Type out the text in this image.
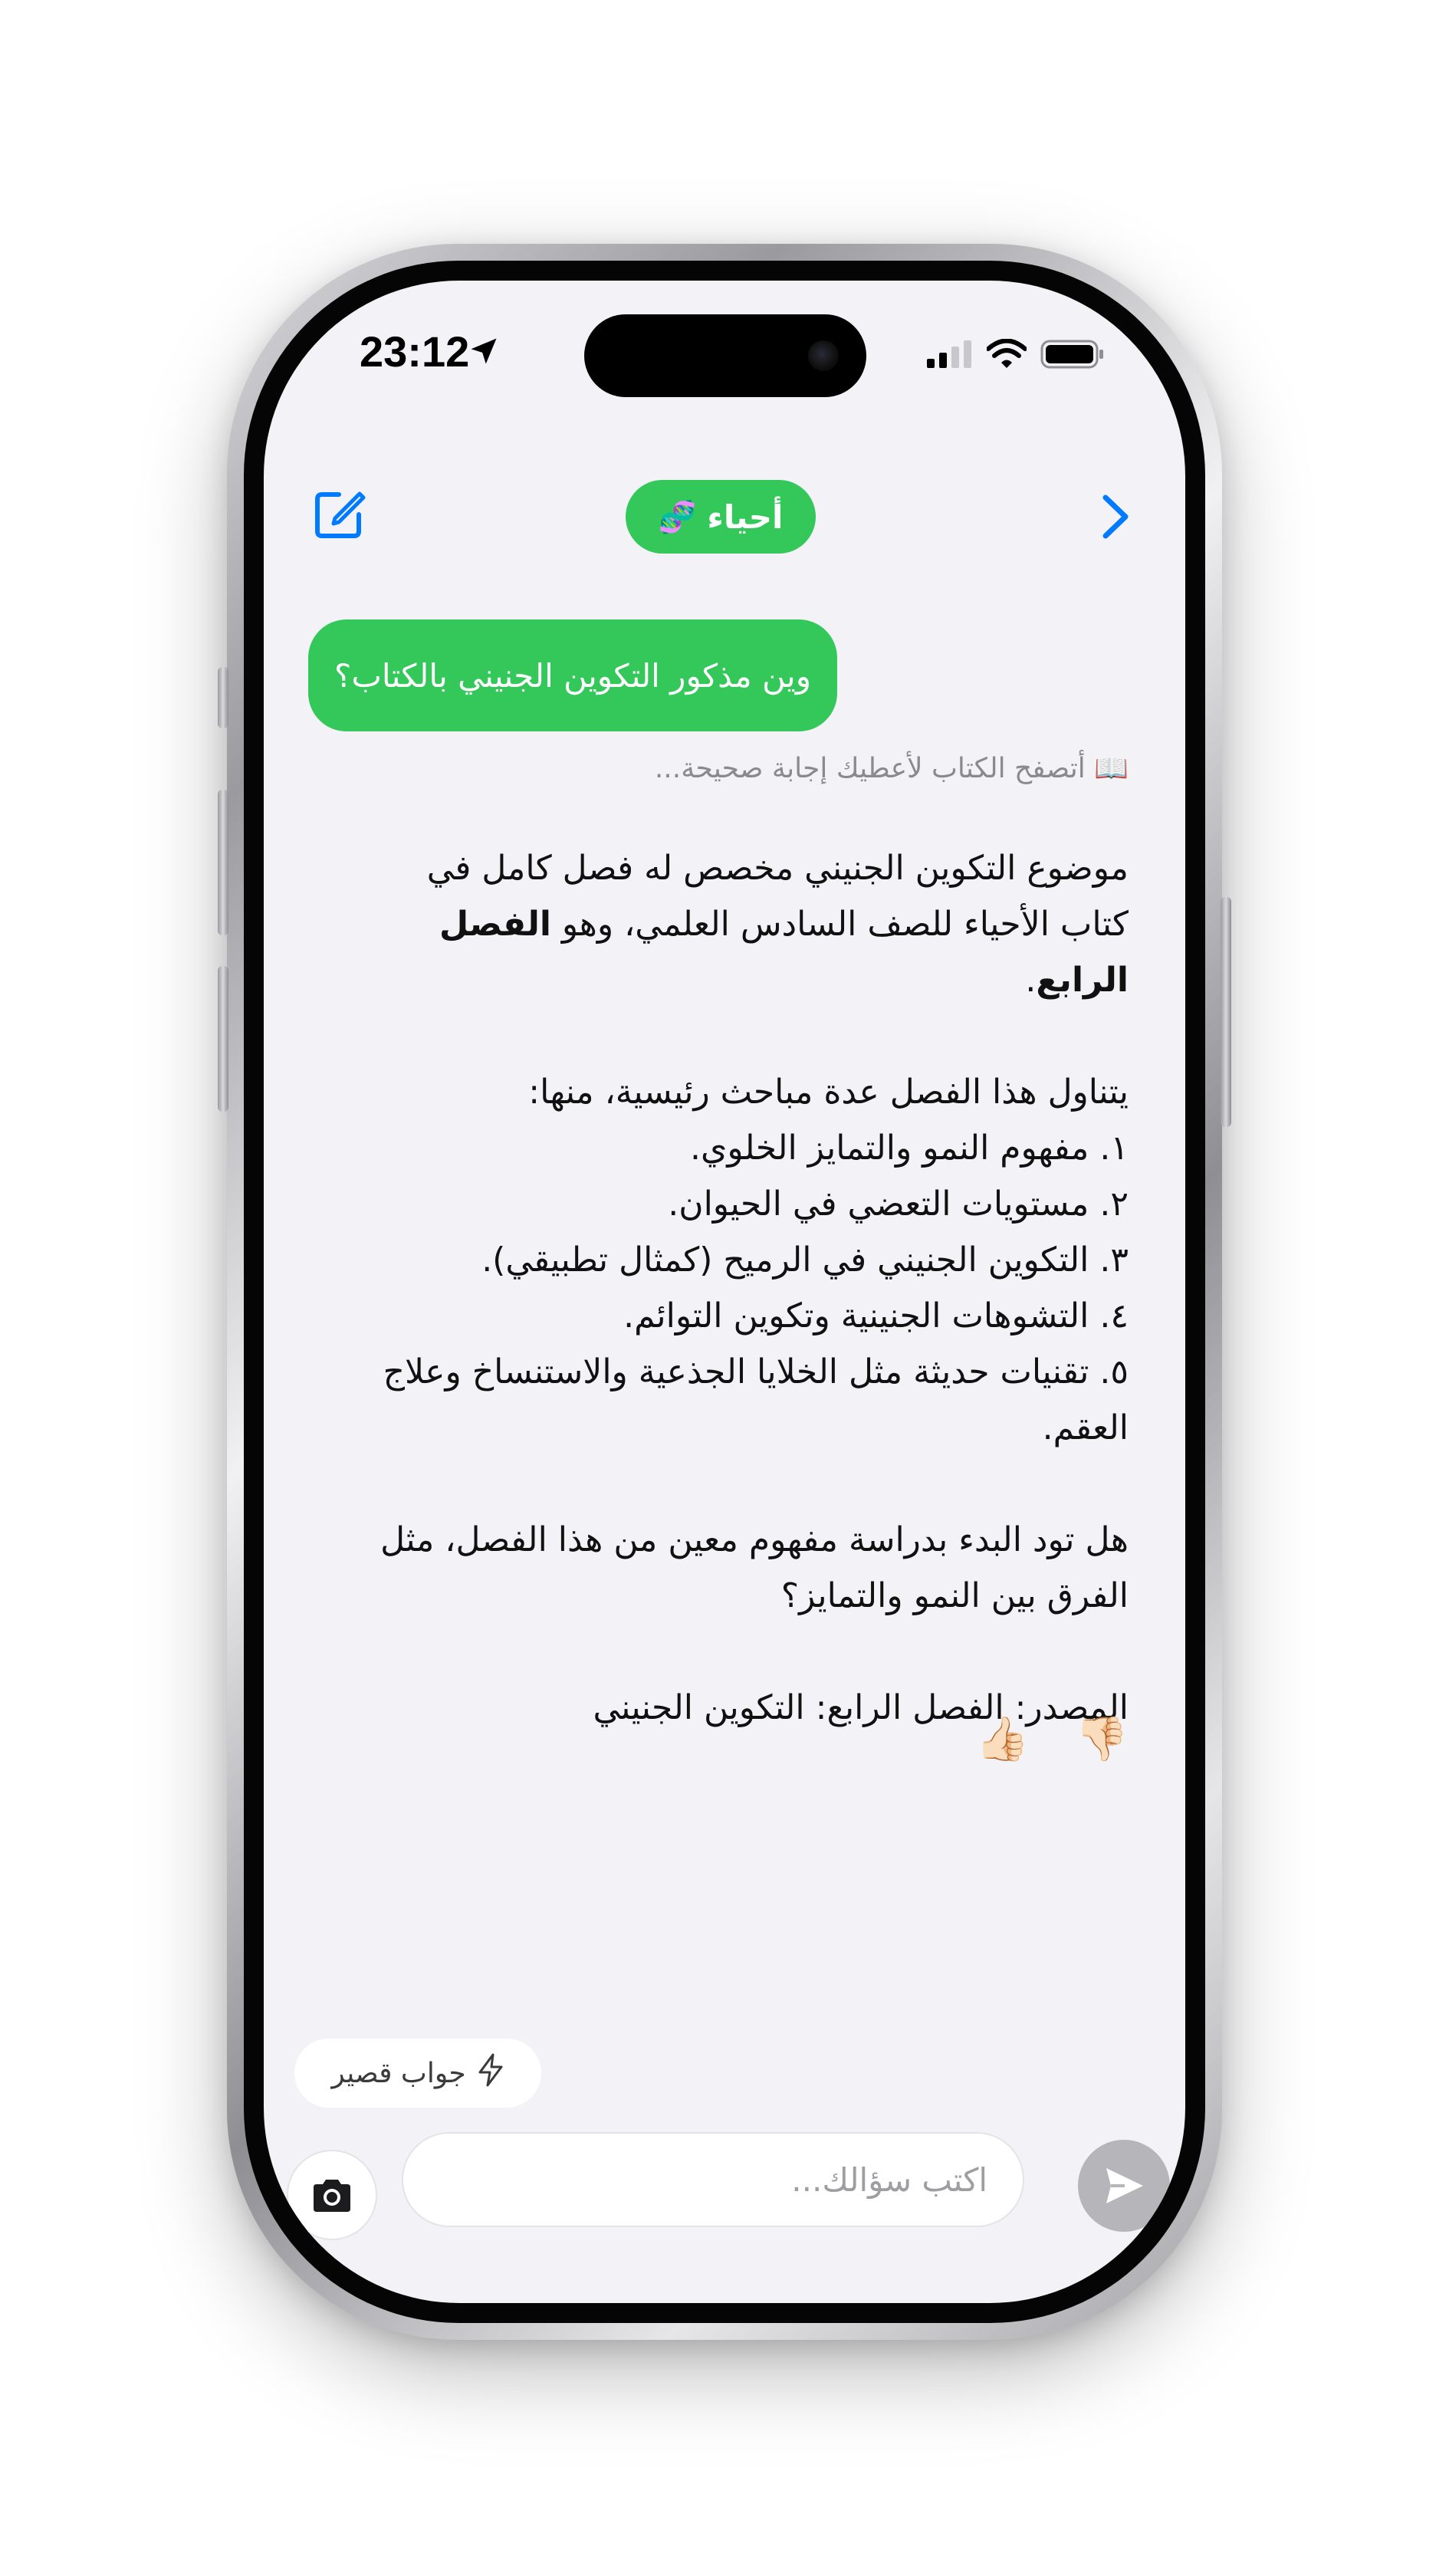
23:12
أحياء
🧬
وين مذكور التكوين الجنيني بالكتاب؟
📖 أتصفح الكتاب لأعطيك إجابة صحيحة...

موضوع التكوين الجنيني مخصص له فصل كامل في كتاب الأحياء للصف السادس العلمي، وهو الفصل الرابع.

يتناول هذا الفصل عدة مباحث رئيسية، منها:

١. مفهوم النمو والتمايز الخلوي.

٢. مستويات التعضي في الحيوان.

٣. التكوين الجنيني في الرميح (كمثال تطبيقي).

٤. التشوهات الجنينية وتكوين التوائم.

٥. تقنيات حديثة مثل الخلايا الجذعية والاستنساخ وعلاج العقم.

هل تود البدء بدراسة مفهوم معين من هذا الفصل، مثل الفرق بين النمو والتمايز؟

المصدر: الفصل الرابع: التكوين الجنيني

👎🏻
👍🏻
جواب قصير
اكتب سؤالك...
